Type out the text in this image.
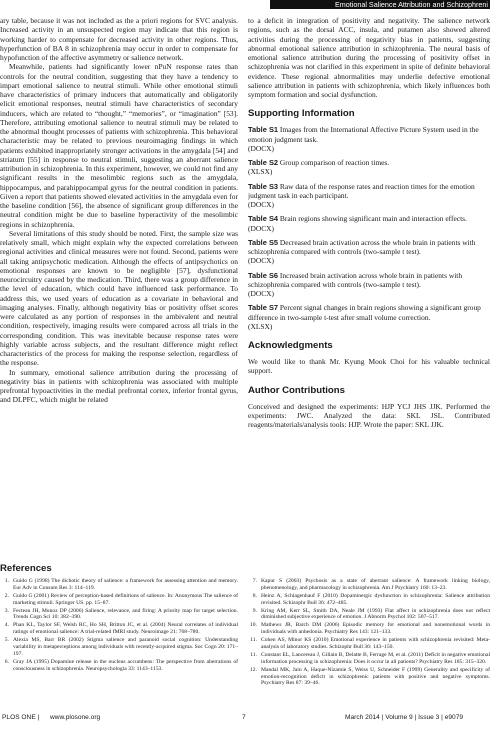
Emotional Salience Attribution and Schizophreni

ary table, because it was not included as the a priori regions for SVC analysis. Increased activity in an unsuspected region may indicate that this region is working harder to compensate for decreased activity in other regions. Thus, hyperfunction of BA 8 in schizophrenia may occur in order to compensate for hypofunction of the affective asymmetry or salience network.

Meanwhile, patients had significantly lower nPuN response rates than controls for the neutral condition, suggesting that they have a tendency to impart emotional salience to neutral stimuli. While other emotional stimuli have characteristics of primary inducers that automatically and obligatorily elicit emotional responses, neutral stimuli have characteristics of secondary inducers, which are related to “thought,” “memories”, or “imagination” [53]. Therefore, attributing emotional salience to neutral stimuli may be related to the abnormal thought processes of patients with schizophrenia. This behavioral characteristic may be related to previous neuroimaging findings in which patients exhibited inappropriately stronger activations in the amygdala [54] and striatum [55] in response to neutral stimuli, suggesting an aberrant salience attribution in schizophrenia. In this experiment, however, we could not find any significant results in the mesolimbic regions such as the amygdala, hippocampus, and parahippocampal gyrus for the neutral condition in patients. Given a report that patients showed elevated activities in the amygdala even for the baseline condition [56], the absence of significant group differences in the neutral condition might be due to baseline hyperactivity of the mesolimbic regions in schizophrenia.

Several limitations of this study should be noted. First, the sample size was relatively small, which might explain why the expected correlations between regional activities and clinical measures were not found. Second, patients were all taking antipsychotic medication. Although the effects of antipsychotics on emotional responses are known to be negligible [57], dysfunctional neurocircuitry caused by the medication. Third, there was a group difference in the level of education, which could have influenced task performance. To address this, we used years of education as a covariate in behavioral and imaging analyses. Finally, although negativity bias or positivity offset scores were calculated as any portion of responses in the ambivalent and neutral condition, respectively, imaging results were compared across all trials in the corresponding condition. This was inevitable because response rates were highly variable across subjects, and the resultant difference might reflect characteristics of the process for making the response selection, regardless of the response.

In summary, emotional salience attribution during the processing of negativity bias in patients with schizophrenia was associated with multiple prefrontal hypoactivities in the medial prefrontal cortex, inferior frontal gyrus, and DLPFC, which might be related

to a deficit in integration of positivity and negativity. The salience network regions, such as the dorsal ACC, insula, and putamen also showed altered activities during the processing of negativity bias in patients, suggesting abnormal emotional salience attribution in schizophrenia. The neural basis of emotional salience attribution during the processing of positivity offset in schizophrenia was not clarified in this experiment in spite of definite behavioral evidence. These regional abnormalities may underlie defective emotional salience attribution in patients with schizophrenia, which likely influences both symptom formation and social dysfunction.

Supporting Information
Table S1 Images from the International Affective Picture System used in the emotion judgment task.
(DOCX)
Table S2 Group comparison of reaction times.
(XLSX)
Table S3 Raw data of the response rates and reaction times for the emotion judgment task in each participant.
(DOCX)
Table S4 Brain regions showing significant main and interaction effects.
(DOCX)
Table S5 Decreased brain activation across the whole brain in patients with schizophrenia compared with controls (two-sample t test).
(DOCX)
Table S6 Increased brain activation across whole brain in patients with schizophrenia compared with controls (two-sample t test).
(DOCX)
Table S7 Percent signal changes in brain regions showing a significant group difference in two-sample t-test after small volume correction.
(XLSX)
Acknowledgments

We would like to thank Mr. Kyung Mook Choi for his valuable technical support.

Author Contributions

Conceived and designed the experiments: HJP YCJ JHS JJK. Performed the experiments: JWC. Analyzed the data: SKL JSL. Contributed reagents/materials/analysis tools: HJP. Wrote the paper: SKL JJK.

References
1. Guido G (1998) The dichotic theory of salience: a framework for assessing attention and memory. Eur Adv in Consum Res 3: 114–119.
2. Guido G (2001) Review of perception-based definitions of salience. In: Anonymous The salience of marketing stimuli. Springer US. pp. 15–87.
3. Fecteau JH, Munoz DP (2006) Salience, relevance, and firing: A priority map for target selection. Trends Cogn Sci 10: 382–390.
4. Phan KL, Taylor SF, Welsh RC, Ho SH, Britton JC, et al. (2004) Neural correlates of individual ratings of emotional salience: A trial-related fMRI study. Neuroimage 21: 768–780.
5. Alexia MS, Barr BR (2002) Stigma salience and paranoid social cognition: Understanding variability in metaperceptions among individuals with recently-acquired stigma. Soc Cogn 20: 171–197.
6. Gray JA (1995) Dopamine release in the nucleus accumbens: The perspective from aberrations of consciousness in schizophrenia. Neuropsychologia 33: 1143–1153.
7. Kapur S (2003) Psychosis as a state of aberrant salience: A framework linking biology, phenomenology, and pharmacology in schizophrenia. Am J Psychiatry 160: 13–23.
8. Heinz A, Schlagenhauf F (2010) Dopaminergic dysfunction in schizophrenia: Salience attribution revisited. Schizophr Bull 36: 472–485.
9. Kring AM, Kerr SL, Smith DA, Neale JM (1993) Flat affect in schizophrenia does not reflect diminished subjective experience of emotion. J Abnorm Psychol 102: 507–517.
10. Mathews JR, Barch DM (2006) Episodic memory for emotional and nonemotional words in individuals with anhedonia. Psychiatry Res 143: 121–133.
11. Cohen AS, Minor KS (2010) Emotional experience in patients with schizophrenia revisited: Meta-analysis of laboratory studies. Schizophr Bull 36: 143–150.
11. Constant EL, Lancereau J, Gillain B, Delatte B, Ferrage M, et al. (2011) Deficit in negative emotional information processing in schizophrenia: Does it occur in all patients? Psychiatry Res 185: 315–320.
12. Mandal MK, Jain A, Haque-Nizamie S, Weiss U, Schneider F (1999) Generality and specificity of emotion-recognition deficit in schizophrenic patients with positive and negative symptoms. Psychiatry Res 87: 39–46.
PLOS ONE | www.plosone.org	7	March 2014 | Volume 9 | Issue 3 | e9079
